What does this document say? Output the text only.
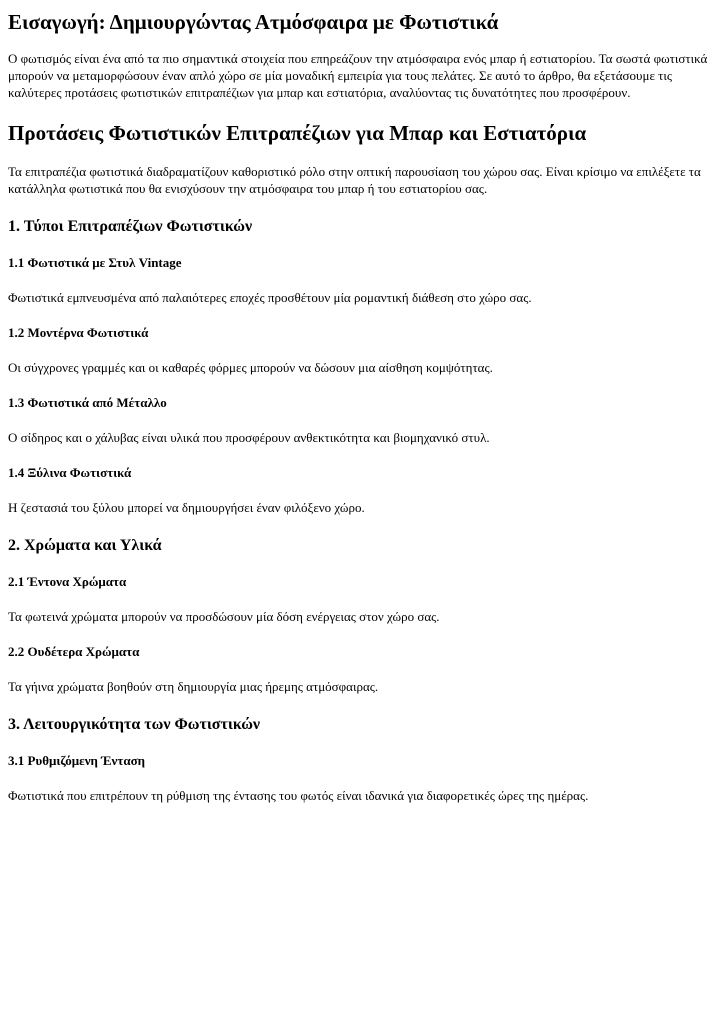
Εισαγωγή: Δημιουργώντας Ατμόσφαιρα με Φωτιστικά

Ο φωτισμός είναι ένα από τα πιο σημαντικά στοιχεία που επηρεάζουν την ατμόσφαιρα ενός μπαρ ή εστιατορίου. Τα σωστά φωτιστικά μπορούν να μεταμορφώσουν έναν απλό χώρο σε μία μοναδική εμπειρία για τους πελάτες. Σε αυτό το άρθρο, θα εξετάσουμε τις καλύτερες προτάσεις φωτιστικών επιτραπέζιων για μπαρ και εστιατόρια, αναλύοντας τις δυνατότητες που προσφέρουν.

Προτάσεις Φωτιστικών Επιτραπέζιων για Μπαρ και Εστιατόρια

Τα επιτραπέζια φωτιστικά διαδραματίζουν καθοριστικό ρόλο στην οπτική παρουσίαση του χώρου σας. Είναι κρίσιμο να επιλέξετε τα κατάλληλα φωτιστικά που θα ενισχύσουν την ατμόσφαιρα του μπαρ ή του εστιατορίου σας.

1. Τύποι Επιτραπέζιων Φωτιστικών
1.1 Φωτιστικά με Στυλ Vintage

Φωτιστικά εμπνευσμένα από παλαιότερες εποχές προσθέτουν μία ρομαντική διάθεση στο χώρο σας.

1.2 Μοντέρνα Φωτιστικά

Οι σύγχρονες γραμμές και οι καθαρές φόρμες μπορούν να δώσουν μια αίσθηση κομψότητας.

1.3 Φωτιστικά από Μέταλλο

Ο σίδηρος και ο χάλυβας είναι υλικά που προσφέρουν ανθεκτικότητα και βιομηχανικό στυλ.

1.4 Ξύλινα Φωτιστικά

Η ζεστασιά του ξύλου μπορεί να δημιουργήσει έναν φιλόξενο χώρο.

2. Χρώματα και Υλικά
2.1 Έντονα Χρώματα

Τα φωτεινά χρώματα μπορούν να προσδώσουν μία δόση ενέργειας στον χώρο σας.

2.2 Ουδέτερα Χρώματα

Τα γήινα χρώματα βοηθούν στη δημιουργία μιας ήρεμης ατμόσφαιρας.

3. Λειτουργικότητα των Φωτιστικών
3.1 Ρυθμιζόμενη Ένταση

Φωτιστικά που επιτρέπουν τη ρύθμιση της έντασης του φωτός είναι ιδανικά για διαφορετικές ώρες της ημέρας.
